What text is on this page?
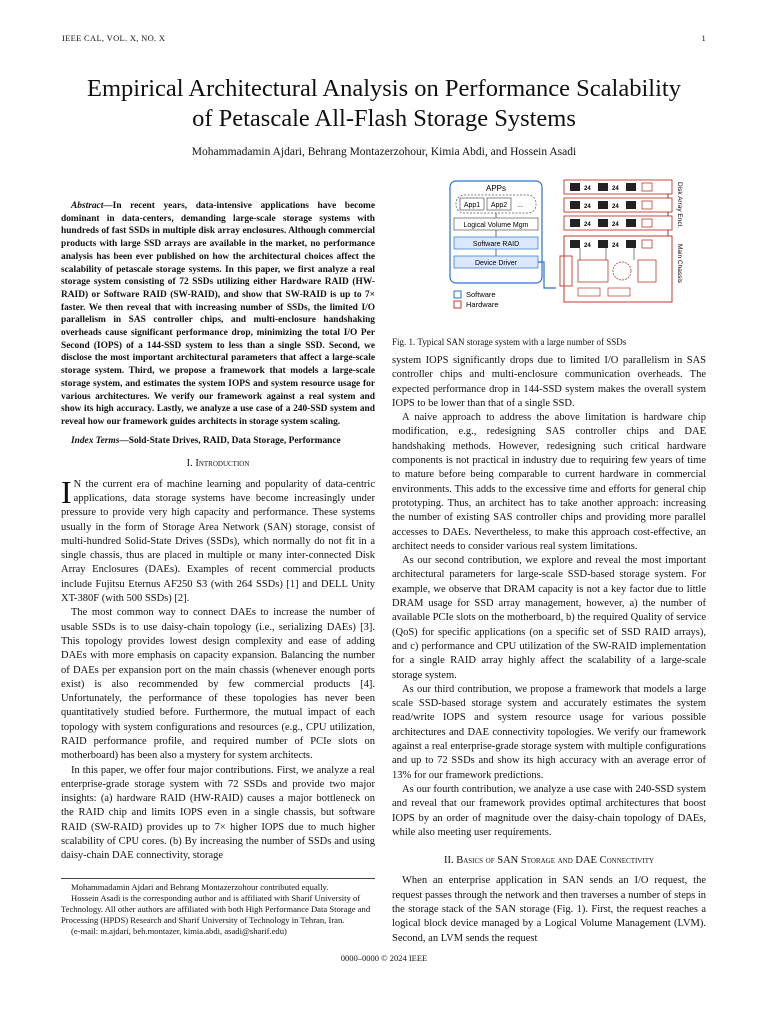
IEEE CAL, VOL. X, NO. X	1
Empirical Architectural Analysis on Performance Scalability
of Petascale All-Flash Storage Systems
Mohammadamin Ajdari, Behrang Montazerzohour, Kimia Abdi, and Hossein Asadi

Abstract—In recent years, data-intensive applications have become dominant in data-centers, demanding large-scale storage systems with hundreds of fast SSDs in multiple disk array enclosures. Although commercial products with large SSD arrays are available in the market, no performance analysis has been ever published on how the architectural choices affect the scalability of petascale storage systems. In this paper, we first analyze a real storage system consisting of 72 SSDs utilizing either Hardware RAID (HW-RAID) or Software RAID (SW-RAID), and show that SW-RAID is up to 7× faster. We then reveal that with increasing number of SSDs, the limited I/O parallelism in SAS controller chips, and multi-enclosure handshaking overheads cause significant performance drop, minimizing the total I/O Per Second (IOPS) of a 144-SSD system to less than a single SSD. Second, we disclose the most important architectural parameters that affect a large-scale storage system. Third, we propose a framework that models a large-scale storage system, and estimates the system IOPS and system resource usage for various architectures. We verify our framework against a real system and show its high accuracy. Lastly, we analyze a use case of a 240-SSD system and reveal how our framework guides architects in storage system scaling.

Index Terms—Sold-State Drives, RAID, Data Storage, Performance

I. Introduction

I N the current era of machine learning and popularity of data-centric applications, data storage systems have become increasingly under pressure to provide very high capacity and performance. These systems usually in the form of Storage Area Network (SAN) storage, consist of multi-hundred Solid-State Drives (SSDs), which normally do not fit in a single chassis, thus are placed in multiple or many inter-connected Disk Array Enclosures (DAEs). Examples of recent commercial products include Fujitsu Eternus AF250 S3 (with 264 SSDs) [1] and DELL Unity XT-380F (with 500 SSDs) [2].

The most common way to connect DAEs to increase the number of usable SSDs is to use daisy-chain topology (i.e., serializing DAEs) [3]. This topology provides lowest design complexity and ease of adding DAEs with more emphasis on capacity expansion. Balancing the number of DAEs per expansion port on the main chassis (whenever enough ports exist) is also recommended by few commercial products [4]. Unfortunately, the performance of these topologies has never been quantitatively studied before. Furthermore, the mutual impact of each topology with system configurations and resources (e.g., CPU utilization, RAID performance profile, and required number of PCIe slots on motherboard) has been also a mystery for system architects.

In this paper, we offer four major contributions. First, we analyze a real enterprise-grade storage system with 72 SSDs and provide two major insights: (a) hardware RAID (HW-RAID) causes a major bottleneck on the RAID chip and limits IOPS even in a single chassis, but software RAID (SW-RAID) provides up to 7× higher IOPS due to much higher scalability of CPU cores. (b) By increasing the number of SSDs and using daisy-chain DAE connectivity, storage

Mohammadamin Ajdari and Behrang Montazerzohour contributed equally.

Hossein Asadi is the corresponding author and is affiliated with Sharif University of Technology. All other authors are affiliated with both High Performance Data Storage and Processing (HPDS) Research and Sharif University of Technology in Tehran, Iran.

(e-mail: m.ajdari, beh.montazer, kimia.abdi, asadi@sharif.edu)

APPs
App1 App2 ...
Logical Volume Mgm
Software RAID
Device Driver
Software
Hardware
24	24
24	24
24	24	Disk Array Encl.
24	24	Main Chassis

Fig. 1. Typical SAN storage system with a large number of SSDs

system IOPS significantly drops due to limited I/O parallelism in SAS controller chips and multi-enclosure communication overheads. The expected performance drop in 144-SSD system makes the overall system IOPS to be lower than that of a single SSD.

A naive approach to address the above limitation is hardware chip modification, e.g., redesigning SAS controller chips and DAE handshaking methods. However, redesigning such critical hardware components is not practical in industry due to requiring few years of time to mature before being comparable to current hardware in commercial environments. This adds to the excessive time and efforts for general chip prototyping. Thus, an architect has to take another approach: increasing the number of existing SAS controller chips and providing more parallel accesses to DAEs. Nevertheless, to make this approach cost-effective, an architect needs to consider various real system limitations.

As our second contribution, we explore and reveal the most important architectural parameters for large-scale SSD-based storage system. For example, we observe that DRAM capacity is not a key factor due to little DRAM usage for SSD array management, however, a) the number of available PCIe slots on the motherboard, b) the required Quality of service (QoS) for specific applications (on a specific set of SSD RAID arrays), and c) performance and CPU utilization of the SW-RAID implementation for a single RAID array highly affect the scalability of a large-scale storage system.

As our third contribution, we propose a framework that models a large scale SSD-based storage system and accurately estimates the system read/write IOPS and system resource usage for various possible architectures and DAE connectivity topologies. We verify our framework against a real enterprise-grade storage system with multiple configurations and up to 72 SSDs and show its high accuracy with an average error of 13% for our framework predictions.

As our fourth contribution, we analyze a use case with 240-SSD system and reveal that our framework provides optimal architectures that boost IOPS by an order of magnitude over the daisy-chain topology of DAEs, while also meeting user requirements.

II. Basics of SAN Storage and DAE Connectivity

When an enterprise application in SAN sends an I/O request, the request passes through the network and then traverses a number of steps in the storage stack of the SAN storage (Fig. 1). First, the request reaches a logical block device managed by a Logical Volume Management (LVM). Second, an LVM sends the request

0000–0000 © 2024 IEEE
